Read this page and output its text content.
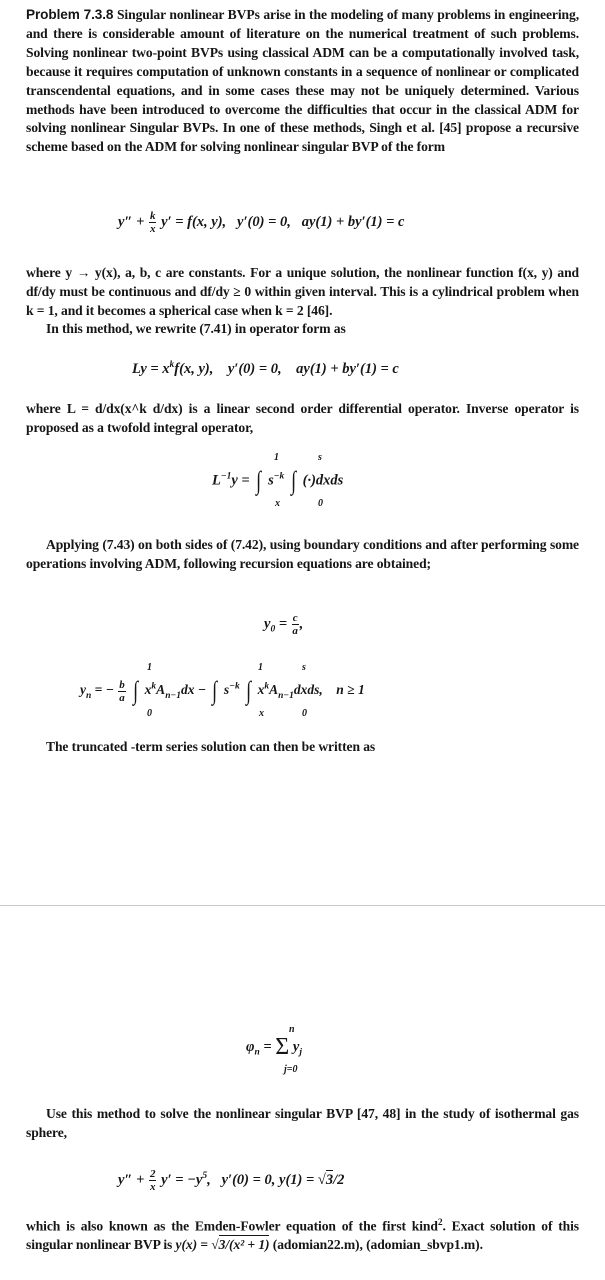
Problem 7.3.8 Singular nonlinear BVPs arise in the modeling of many problems in engineering, and there is considerable amount of literature on the numerical treatment of such problems. Solving nonlinear two-point BVPs using classical ADM can be a computationally involved task, because it requires computation of unknown constants in a sequence of nonlinear or complicated transcendental equations, and in some cases these may not be uniquely determined. Various methods have been introduced to overcome the difficulties that occur in the classical ADM for solving nonlinear Singular BVPs. In one of these methods, Singh et al. [45] propose a recursive scheme based on the ADM for solving nonlinear singular BVP of the form
$y'' + \frac{k}{x} y' = f(x$, y), y′(0) = 0, ay(1) + by′(1) = c
where y → y(x), a, b, c are constants. For a unique solution, the nonlinear function f(x, y) and df/dy must be continuous and df/dy ≥ 0 within given interval. This is a cylindrical problem when k = 1, and it becomes a spherical case when k = 2 [46].
In this method, we rewrite (7.41) in operator form as
$Ly = x^kf(x$, y), y′(0) = 0, ay(1) + by′(1) = c
where L = d/dx(x^k d/dx) is a linear second order differential operator. Inverse operator is proposed as a twofold integral operator,
$L^{-1}y$ = ∫
1
x
$s^{-k}$ ∫
s
0
(·)dxds
Applying (7.43) on both sides of (7.42), using boundary conditions and after performing some operations involving ADM, following recursion equations are obtained;
$y_0 = \frac{c}{a}$ ,
$y_n$ = − $\frac{b}{a}$ ∫
1
0
$x^kA_{n-1}dx$ − ∫
1
x
$s^{-k}$ ∫
s
0
$x^kA_{n-1}dxds$, n ≥ 1
The truncated -term series solution can then be written as
$\varphi_n = \Sigma$
n
j=0
$y_j$
Use this method to solve the nonlinear singular BVP [47, 48] in the study of isothermal gas sphere,
$y'' + \frac{2}{x} y' = -y^5$, y′(0) = 0, y(1) = √3/2
which is also known as the Emden-Fowler equation of the first kind$^2$. Exact solution of this singular nonlinear BVP is y(x) = √3/(x² + 1) (adomian22.m), (adomian_sbvp1.m).
